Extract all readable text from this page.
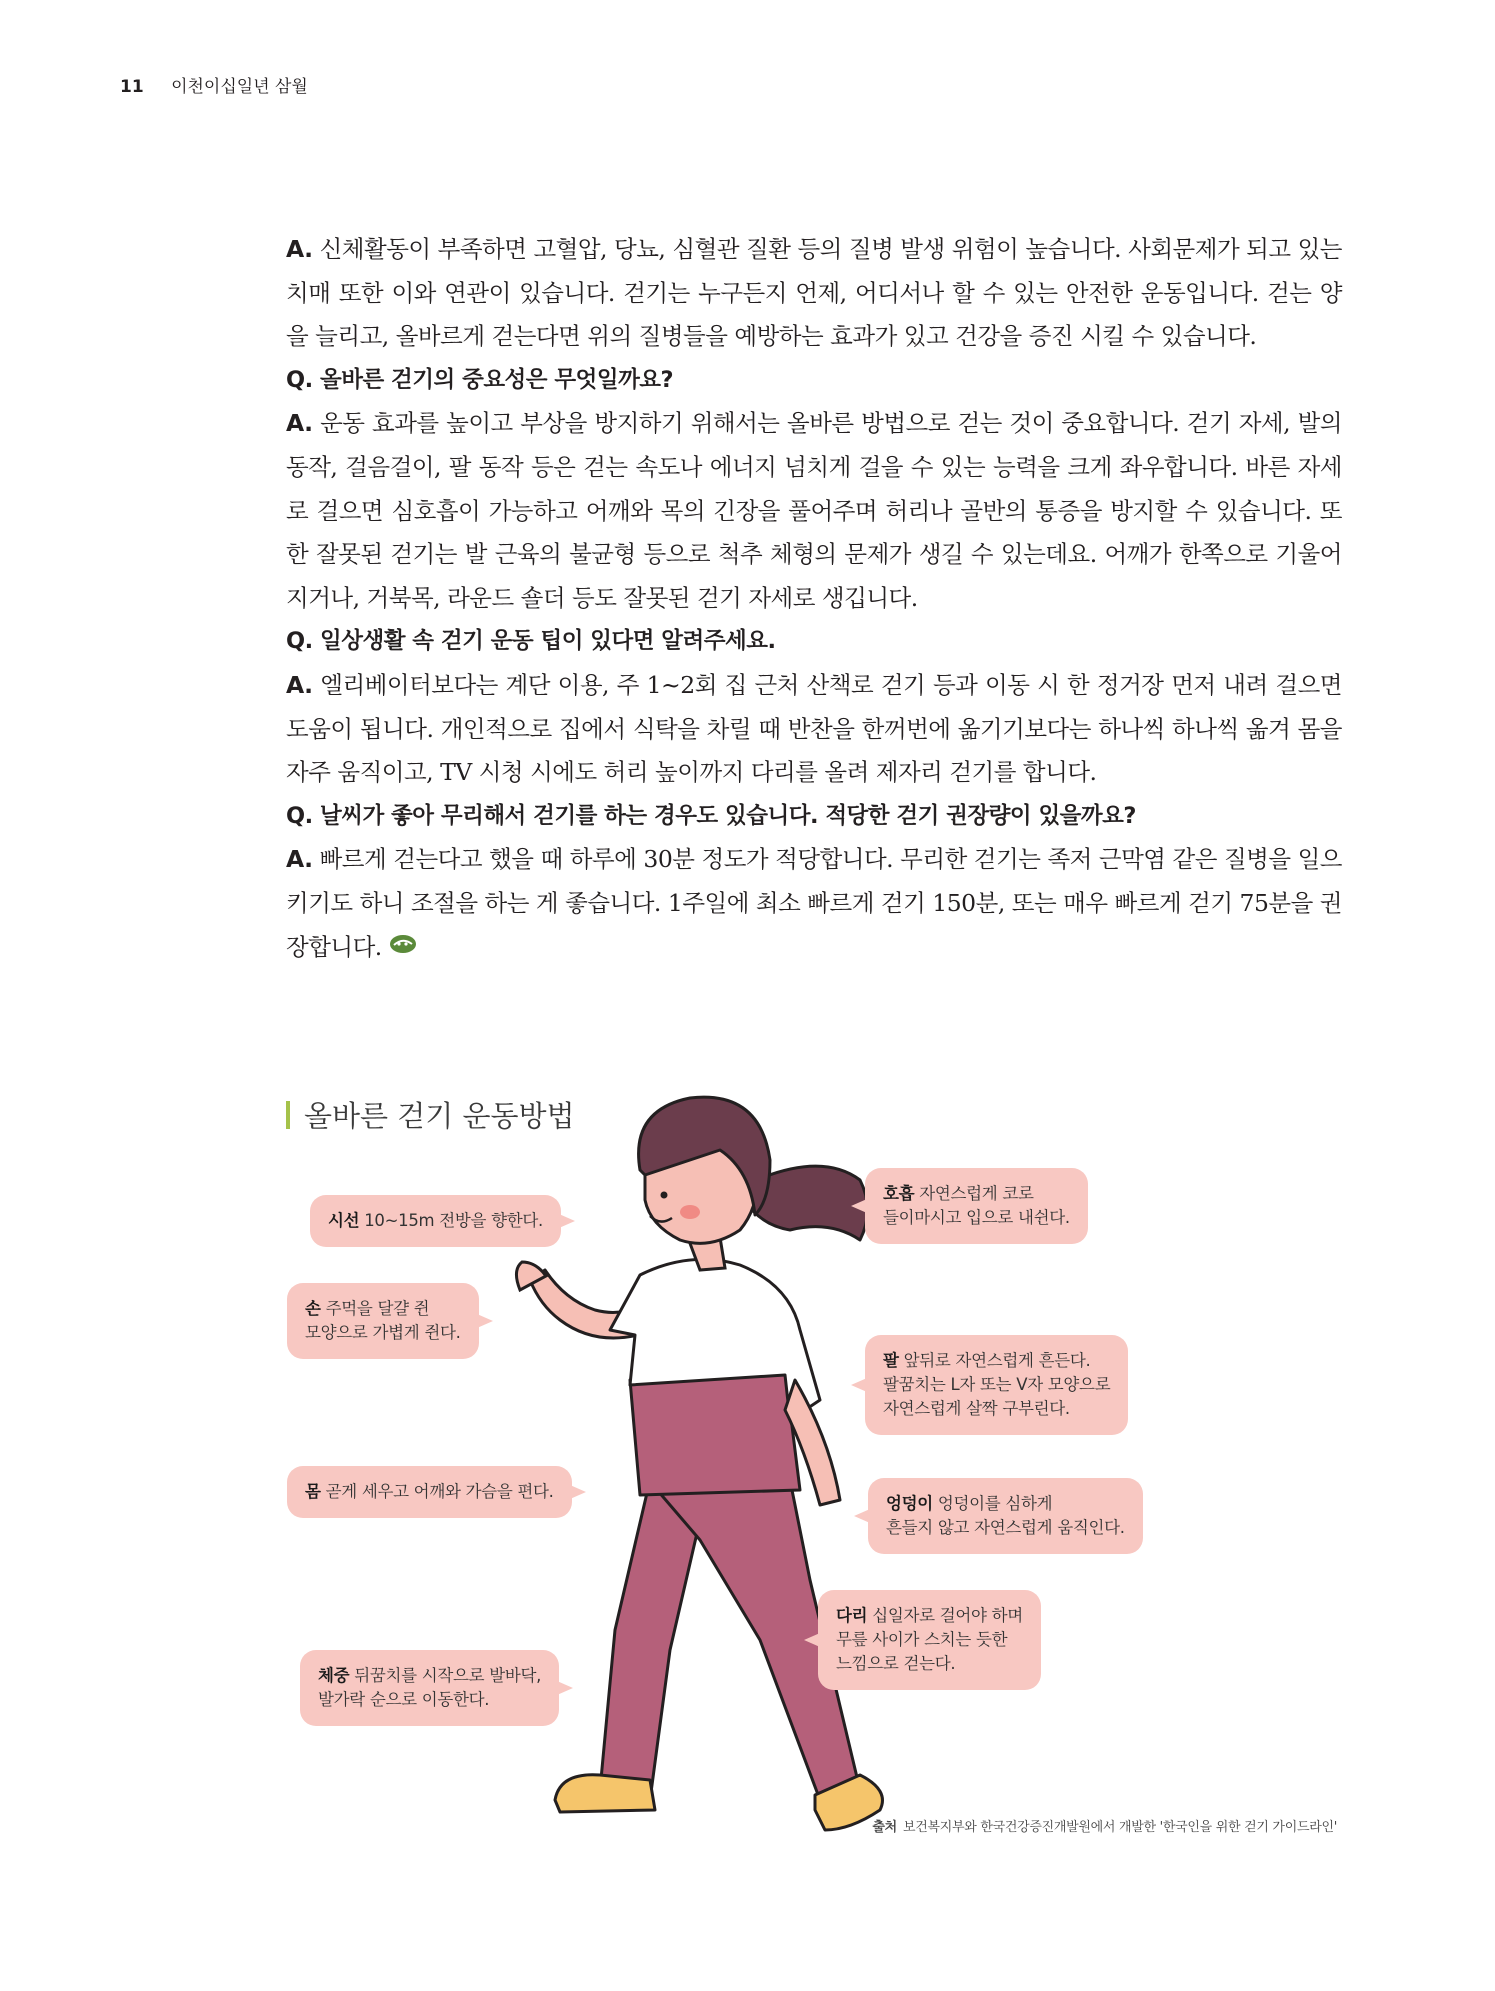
11 이천이십일년 삼월

A. 신체활동이 부족하면 고혈압, 당뇨, 심혈관 질환 등의 질병 발생 위험이 높습니다. 사회문제가 되고 있는 치매 또한 이와 연관이 있습니다. 걷기는 누구든지 언제, 어디서나 할 수 있는 안전한 운동입니다. 걷는 양을 늘리고, 올바르게 걷는다면 위의 질병들을 예방하는 효과가 있고 건강을 증진 시킬 수 있습니다.

Q. 올바른 걷기의 중요성은 무엇일까요?

A. 운동 효과를 높이고 부상을 방지하기 위해서는 올바른 방법으로 걷는 것이 중요합니다. 걷기 자세, 발의 동작, 걸음걸이, 팔 동작 등은 걷는 속도나 에너지 넘치게 걸을 수 있는 능력을 크게 좌우합니다. 바른 자세로 걸으면 심호흡이 가능하고 어깨와 목의 긴장을 풀어주며 허리나 골반의 통증을 방지할 수 있습니다. 또한 잘못된 걷기는 발 근육의 불균형 등으로 척추 체형의 문제가 생길 수 있는데요. 어깨가 한쪽으로 기울어지거나, 거북목, 라운드 숄더 등도 잘못된 걷기 자세로 생깁니다.

Q. 일상생활 속 걷기 운동 팁이 있다면 알려주세요.

A. 엘리베이터보다는 계단 이용, 주 1~2회 집 근처 산책로 걷기 등과 이동 시 한 정거장 먼저 내려 걸으면 도움이 됩니다. 개인적으로 집에서 식탁을 차릴 때 반찬을 한꺼번에 옮기기보다는 하나씩 하나씩 옮겨 몸을 자주 움직이고, TV 시청 시에도 허리 높이까지 다리를 올려 제자리 걷기를 합니다.

Q. 날씨가 좋아 무리해서 걷기를 하는 경우도 있습니다. 적당한 걷기 권장량이 있을까요?

A. 빠르게 걷는다고 했을 때 하루에 30분 정도가 적당합니다. 무리한 걷기는 족저 근막염 같은 질병을 일으키기도 하니 조절을 하는 게 좋습니다. 1주일에 최소 빠르게 걷기 150분, 또는 매우 빠르게 걷기 75분을 권장합니다.

올바른 걷기 운동방법
시선 10~15m 전방을 향한다.
손 주먹을 달걀 쥔
모양으로 가볍게 쥔다.
몸 곧게 세우고 어깨와 가슴을 편다.
체중 뒤꿈치를 시작으로 발바닥,
발가락 순으로 이동한다.
호흡 자연스럽게 코로
들이마시고 입으로 내쉰다.
팔 앞뒤로 자연스럽게 흔든다.
팔꿈치는 L자 또는 V자 모양으로
자연스럽게 살짝 구부린다.
엉덩이 엉덩이를 심하게
흔들지 않고 자연스럽게 움직인다.
다리 십일자로 걸어야 하며
무릎 사이가 스치는 듯한
느낌으로 걷는다.
출처 보건복지부와 한국건강증진개발원에서 개발한 '한국인을 위한 걷기 가이드라인'
